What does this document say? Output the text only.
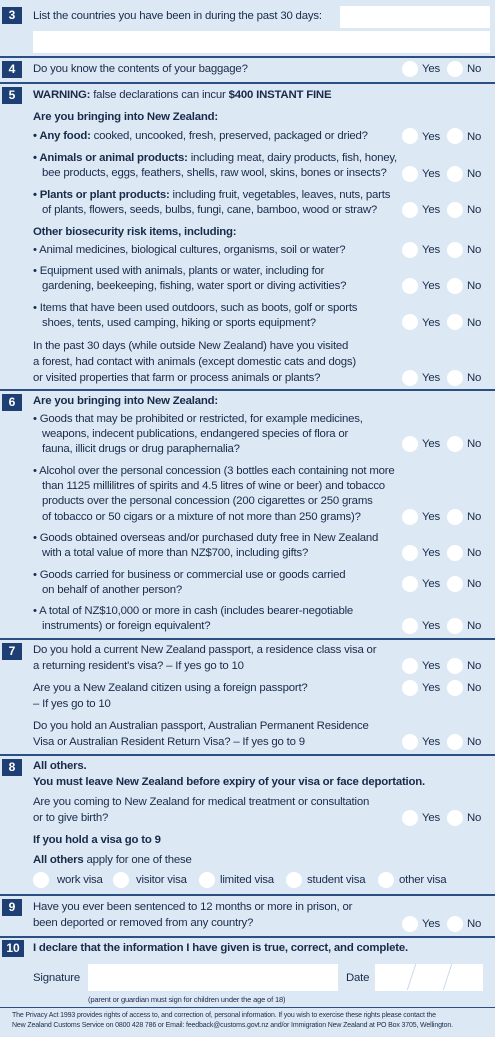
3	List the countries you have been in during the past 30 days:
4	Do you know the contents of your baggage?	Yes No
5	WARNING: false declarations can incur $400 INSTANT FINE
Are you bringing into New Zealand:
• Any food: cooked, uncooked, fresh, preserved, packaged or dried?	Yes No
• Animals or animal products: including meat, dairy products, fish, honey,
bee products, eggs, feathers, shells, raw wool, skins, bones or insects?	Yes No
• Plants or plant products: including fruit, vegetables, leaves, nuts, parts
of plants, flowers, seeds, bulbs, fungi, cane, bamboo, wood or straw?	Yes No
Other biosecurity risk items, including:
• Animal medicines, biological cultures, organisms, soil or water?	Yes No
• Equipment used with animals, plants or water, including for
gardening, beekeeping, fishing, water sport or diving activities?	Yes No
• Items that have been used outdoors, such as boots, golf or sports
shoes, tents, used camping, hiking or sports equipment?	Yes No
In the past 30 days (while outside New Zealand) have you visited
a forest, had contact with animals (except domestic cats and dogs)
or visited properties that farm or process animals or plants?	Yes No
6	Are you bringing into New Zealand:
• Goods that may be prohibited or restricted, for example medicines,
weapons, indecent publications, endangered species of flora or
fauna, illicit drugs or drug paraphernalia?	Yes No
• Alcohol over the personal concession (3 bottles each containing not more
than 1125 millilitres of spirits and 4.5 litres of wine or beer) and tobacco
products over the personal concession (200 cigarettes or 250 grams
of tobacco or 50 cigars or a mixture of not more than 250 grams)?	Yes No
• Goods obtained overseas and/or purchased duty free in New Zealand
with a total value of more than NZ$700, including gifts?	Yes No
• Goods carried for business or commercial use or goods carried
on behalf of another person?	Yes No
• A total of NZ$10,000 or more in cash (includes bearer-negotiable
instruments) or foreign equivalent?	Yes No
7	Do you hold a current New Zealand passport, a residence class visa or
a returning resident's visa? – If yes go to 10	Yes No
Are you a New Zealand citizen using a foreign passport?
– If yes go to 10
Yes No
Do you hold an Australian passport, Australian Permanent Residence
Visa or Australian Resident Return Visa? – If yes go to 9	Yes No
8	All others.
You must leave New Zealand before expiry of your visa or face deportation.
Are you coming to New Zealand for medical treatment or consultation
or to give birth?	Yes No
If you hold a visa go to 9
All others apply for one of these
work visa	visitor visa	limited visa	student visa	other visa
9	Have you ever been sentenced to 12 months or more in prison, or
been deported or removed from any country?	Yes No
10	I declare that the information I have given is true, correct, and complete.
Signature	Date
(parent or guardian must sign for children under the age of 18)
The Privacy Act 1993 provides rights of access to, and correction of, personal information. If you wish to exercise these rights please contact the
New Zealand Customs Service on 0800 428 786 or Email: feedback@customs.govt.nz and/or Immigration New Zealand at PO Box 3705, Wellington.
